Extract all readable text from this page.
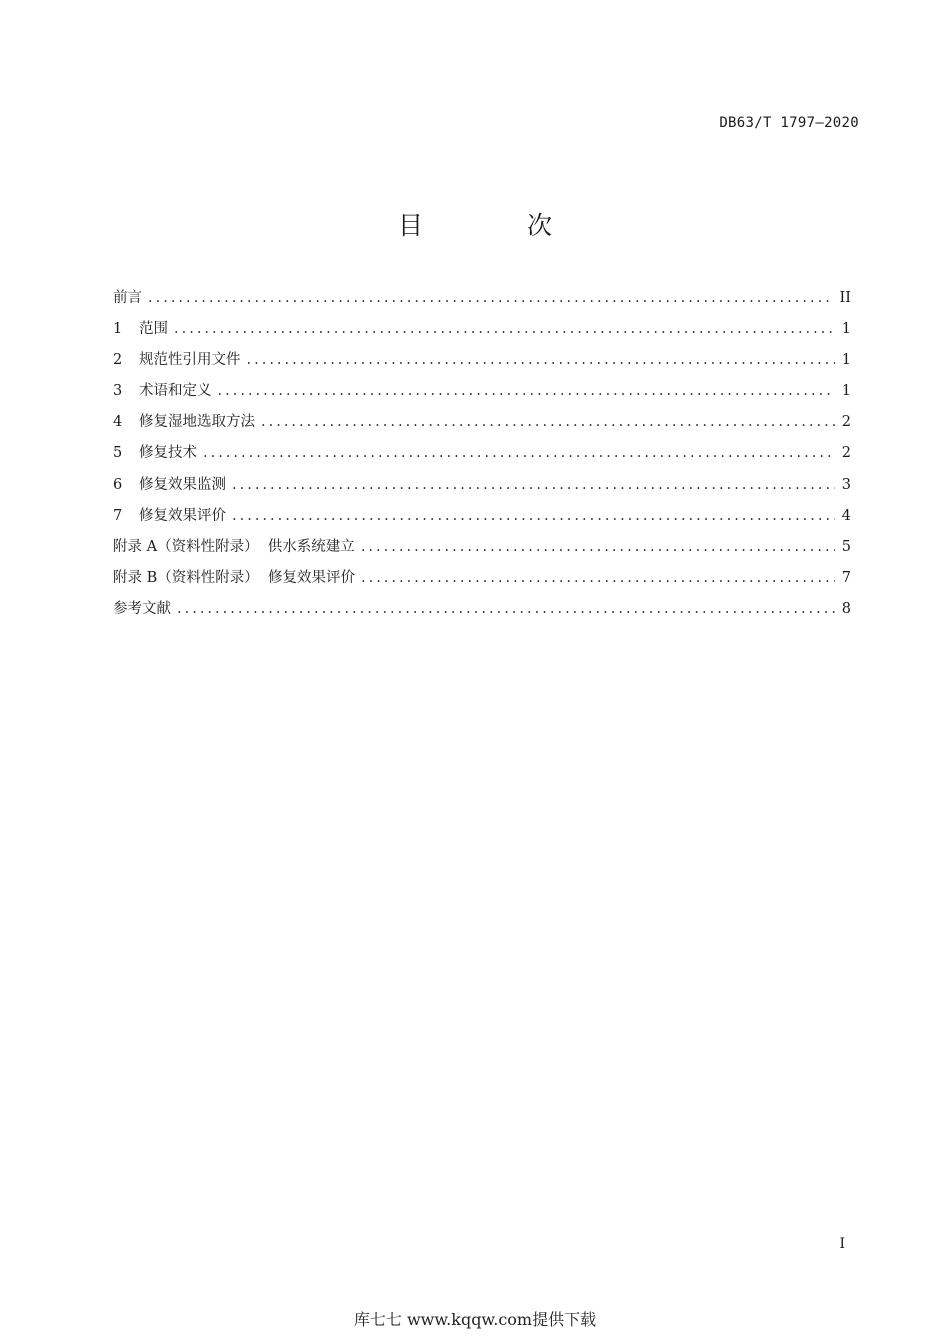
DB63/T 1797—2020
目 次
前言 .....	II
1	范围 .....	1
2	规范性引用文件 .....	1
3	术语和定义 .....	1
4	修复湿地选取方法 .....	2
5	修复技术 .....	2
6	修复效果监测 .....	3
7	修复效果评价 .....	4
附录 A（资料性附录）  供水系统建立 .....	5
附录 B（资料性附录）  修复效果评价 .....	7
参考文献 .....	8
I
库七七 www.kqqw.com提供下载
